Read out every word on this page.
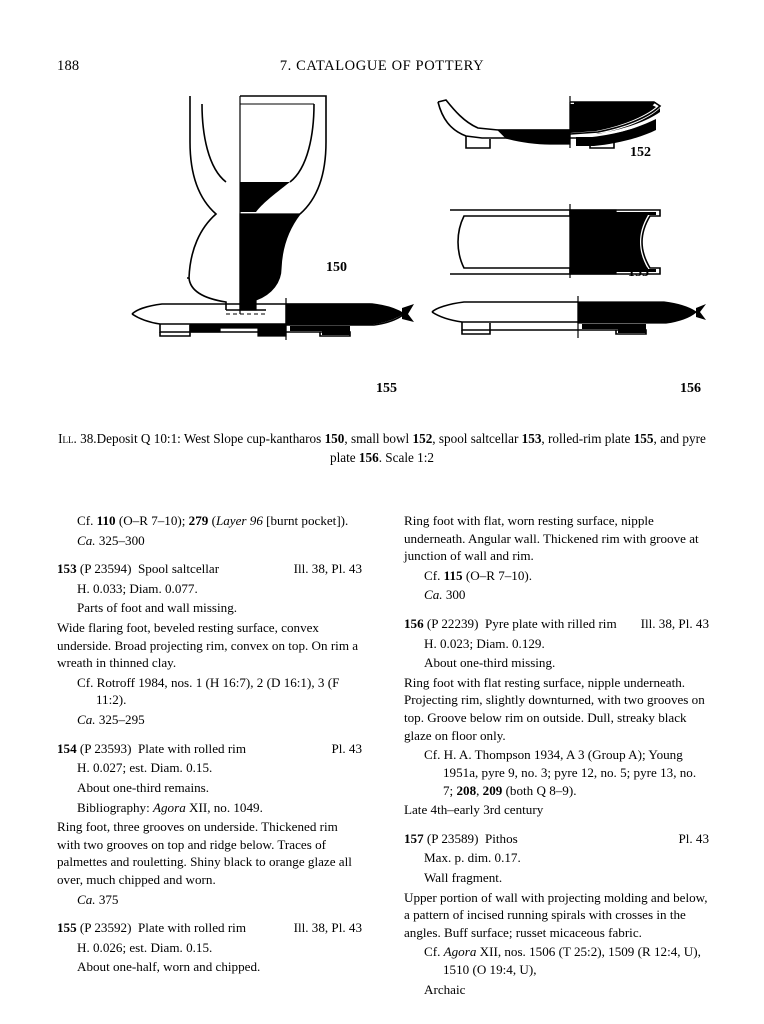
188	7. CATALOGUE OF POTTERY
150
152
153
155	156
Ill. 38.Deposit Q 10:1: West Slope cup-kantharos 150, small bowl 152, spool saltcellar 153, rolled-rim plate 155, and pyre plate 156. Scale 1:2

Cf. 110 (O–R 7–10); 279 (Layer 96 [burnt pocket]).

Ca. 325–300

153 (P 23594) Spool saltcellar	Ill. 38, Pl. 43

H. 0.033; Diam. 0.077.

Parts of foot and wall missing.

Wide flaring foot, beveled resting surface, convex underside. Broad projecting rim, convex on top. On rim a wreath in thinned clay.

Cf. Rotroff 1984, nos. 1 (H 16:7), 2 (D 16:1), 3 (F 11:2).

Ca. 325–295

154 (P 23593) Plate with rolled rim	Pl. 43

H. 0.027; est. Diam. 0.15.

About one-third remains.

Bibliography: Agora XII, no. 1049.

Ring foot, three grooves on underside. Thickened rim with two grooves on top and ridge below. Traces of palmettes and rouletting. Shiny black to orange glaze all over, much chipped and worn.

Ca. 375

155 (P 23592) Plate with rolled rim	Ill. 38, Pl. 43

H. 0.026; est. Diam. 0.15.

About one-half, worn and chipped.

Ring foot with flat, worn resting surface, nipple underneath. Angular wall. Thickened rim with groove at junction of wall and rim.

Cf. 115 (O–R 7–10).

Ca. 300

156 (P 22239) Pyre plate with rilled rim Ill. 38, Pl. 43

H. 0.023; Diam. 0.129.

About one-third missing.

Ring foot with flat resting surface, nipple underneath. Projecting rim, slightly downturned, with two grooves on top. Groove below rim on outside. Dull, streaky black glaze on floor only.

Cf. H. A. Thompson 1934, A 3 (Group A); Young 1951a, pyre 9, no. 3; pyre 12, no. 5; pyre 13, no. 7; 208, 209 (both Q 8–9).

Late 4th–early 3rd century

157 (P 23589) Pithos	Pl. 43

Max. p. dim. 0.17.

Wall fragment.

Upper portion of wall with projecting molding and below, a pattern of incised running spirals with crosses in the angles. Buff surface; russet micaceous fabric.

Cf. Agora XII, nos. 1506 (T 25:2), 1509 (R 12:4, U), 1510 (O 19:4, U),

Archaic
